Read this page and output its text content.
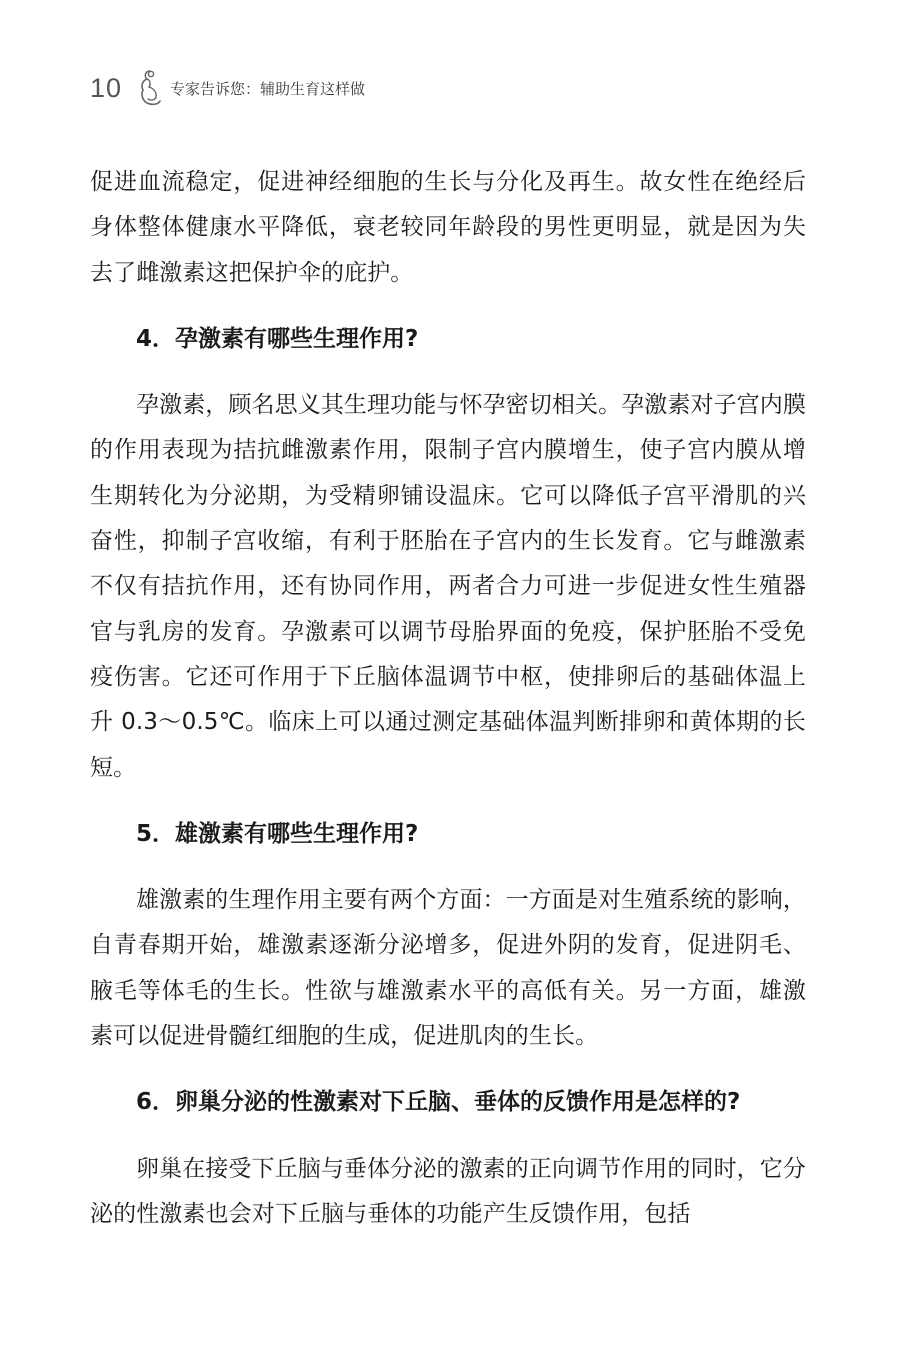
10	专家告诉您：辅助生育这样做

促进血流稳定，促进神经细胞的生长与分化及再生。故女性在绝经后身体整体健康水平降低，衰老较同年龄段的男性更明显，就是因为失去了雌激素这把保护伞的庇护。

4．孕激素有哪些生理作用?

孕激素，顾名思义其生理功能与怀孕密切相关。孕激素对子宫内膜的作用表现为拮抗雌激素作用，限制子宫内膜增生，使子宫内膜从增生期转化为分泌期，为受精卵铺设温床。它可以降低子宫平滑肌的兴奋性，抑制子宫收缩，有利于胚胎在子宫内的生长发育。它与雌激素不仅有拮抗作用，还有协同作用，两者合力可进一步促进女性生殖器官与乳房的发育。孕激素可以调节母胎界面的免疫，保护胚胎不受免疫伤害。它还可作用于下丘脑体温调节中枢，使排卵后的基础体温上升 0.3～0.5℃。临床上可以通过测定基础体温判断排卵和黄体期的长短。

5．雄激素有哪些生理作用?

雄激素的生理作用主要有两个方面：一方面是对生殖系统的影响，自青春期开始，雄激素逐渐分泌增多，促进外阴的发育，促进阴毛、腋毛等体毛的生长。性欲与雄激素水平的高低有关。另一方面，雄激素可以促进骨髓红细胞的生成，促进肌肉的生长。

6．卵巢分泌的性激素对下丘脑、垂体的反馈作用是怎样的?

卵巢在接受下丘脑与垂体分泌的激素的正向调节作用的同时，它分泌的性激素也会对下丘脑与垂体的功能产生反馈作用，包括
